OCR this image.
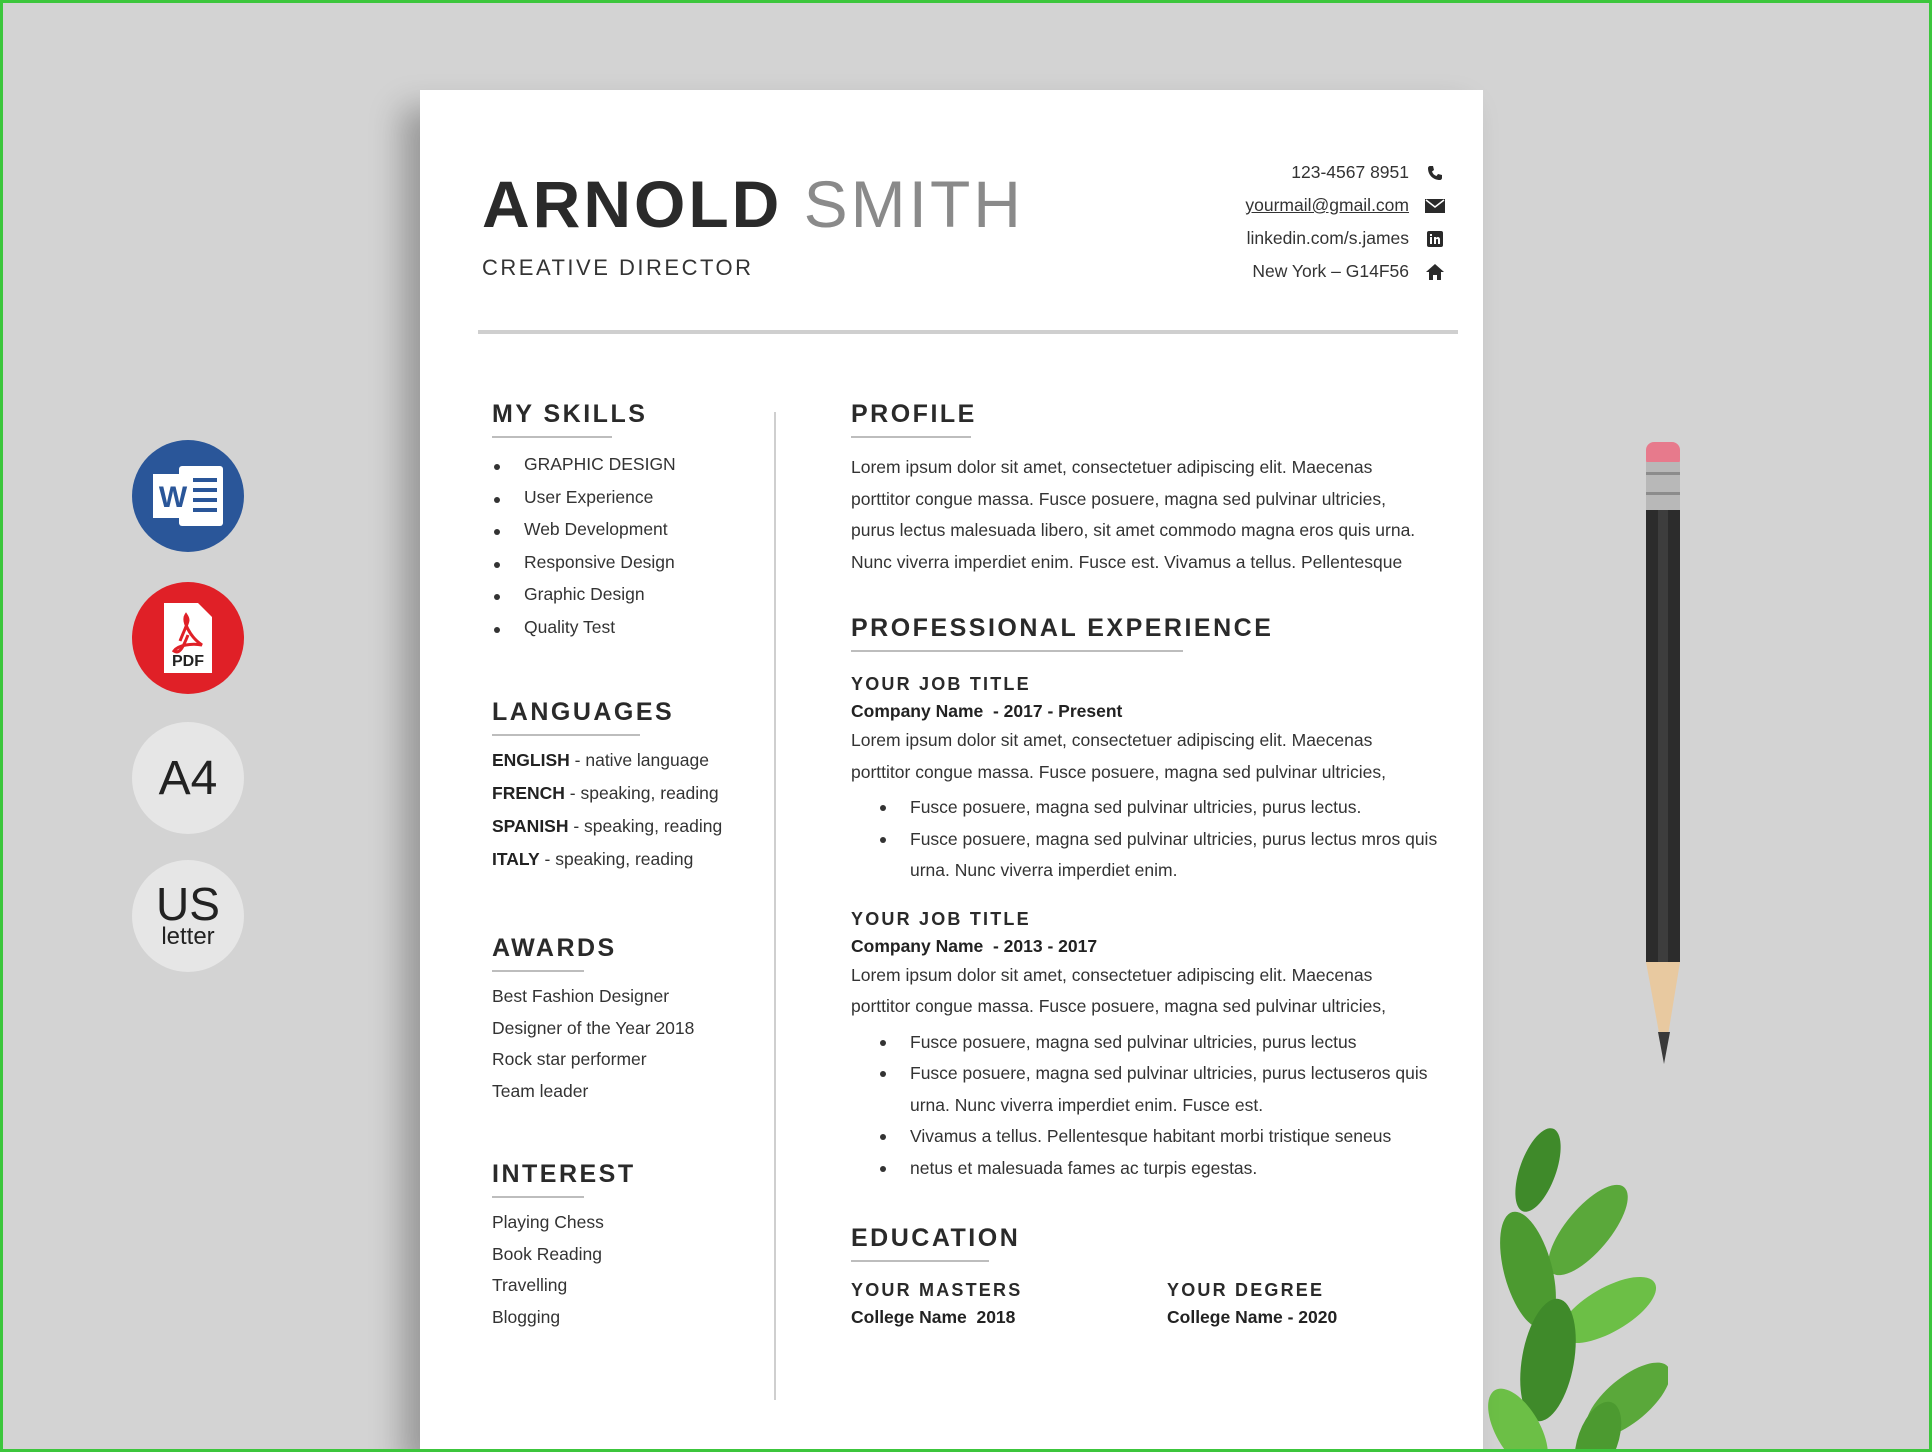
W
PDF
A4
US
letter
ARNOLD SMITH
CREATIVE DIRECTOR
123-4567 8951
yourmail@gmail.com
linkedin.com/s.james
New York – G14F56
MY SKILLS
GRAPHIC DESIGN
User Experience
Web Development
Responsive Design
Graphic Design
Quality Test
LANGUAGES
ENGLISH - native language
FRENCH - speaking, reading
SPANISH - speaking, reading
ITALY - speaking, reading
AWARDS
Best Fashion Designer
Designer of the Year 2018
Rock star performer
Team leader
INTEREST
Playing Chess
Book Reading
Travelling
Blogging
PROFILE
Lorem ipsum dolor sit amet, consectetuer adipiscing elit. Maecenas
porttitor congue massa. Fusce posuere, magna sed pulvinar ultricies,
purus lectus malesuada libero, sit amet commodo magna eros quis urna.
Nunc viverra imperdiet enim. Fusce est. Vivamus a tellus. Pellentesque
PROFESSIONAL EXPERIENCE
YOUR JOB TITLE
Company Name  - 2017 - Present
Lorem ipsum dolor sit amet, consectetuer adipiscing elit. Maecenas
porttitor congue massa. Fusce posuere, magna sed pulvinar ultricies,
Fusce posuere, magna sed pulvinar ultricies, purus lectus.
Fusce posuere, magna sed pulvinar ultricies, purus lectus mros quis urna. Nunc viverra imperdiet enim.
YOUR JOB TITLE
Company Name  - 2013 - 2017
Lorem ipsum dolor sit amet, consectetuer adipiscing elit. Maecenas
porttitor congue massa. Fusce posuere, magna sed pulvinar ultricies,
Fusce posuere, magna sed pulvinar ultricies, purus lectus
Fusce posuere, magna sed pulvinar ultricies, purus lectuseros quis urna. Nunc viverra imperdiet enim. Fusce est.
Vivamus a tellus. Pellentesque habitant morbi tristique seneus
netus et malesuada fames ac turpis egestas.
EDUCATION
YOUR MASTERS
College Name  2018
YOUR DEGREE
College Name - 2020
